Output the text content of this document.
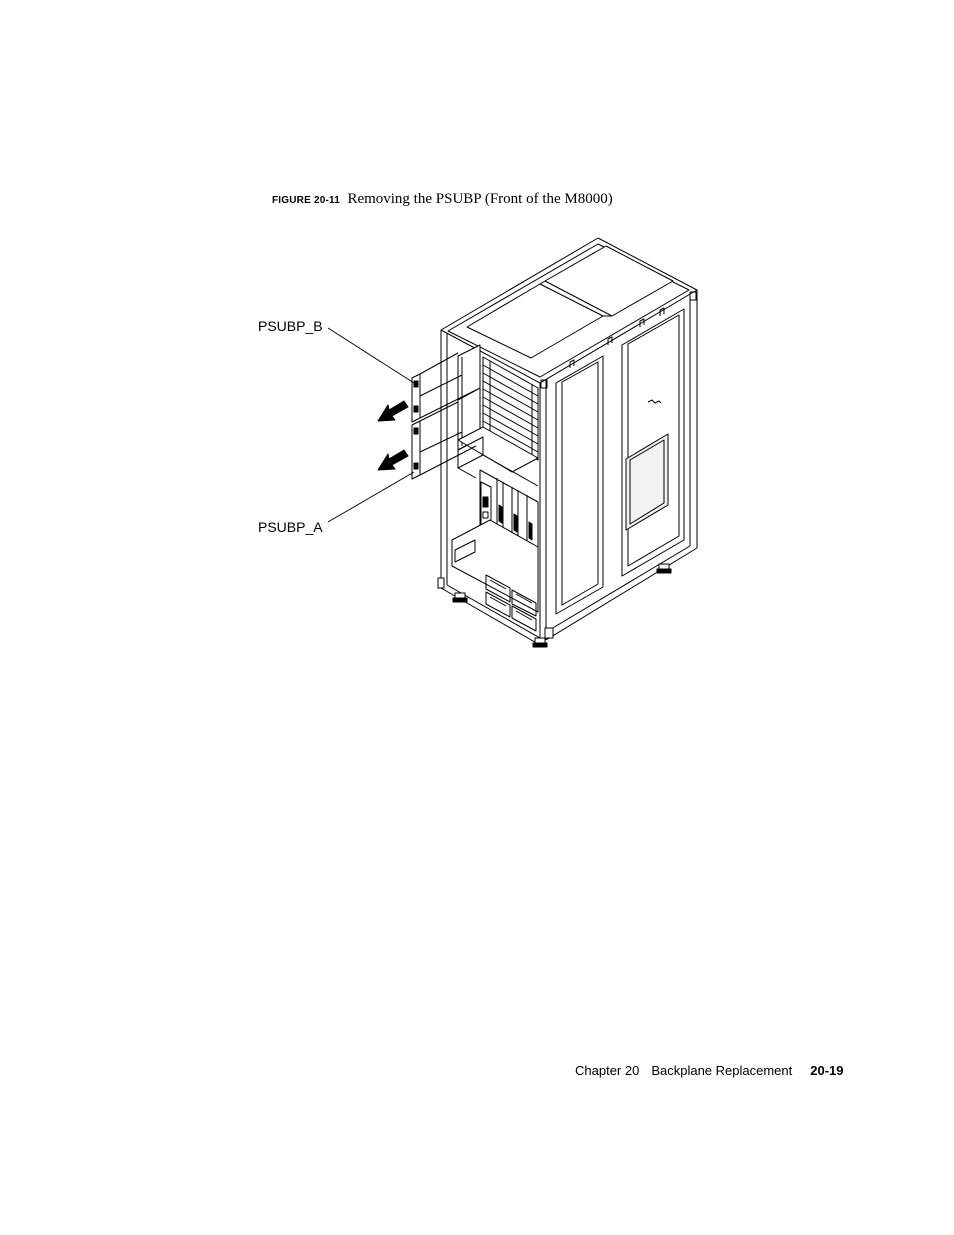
FIGURE 20-11 Removing the PSUBP (Front of the M8000)
PSUBP_B
PSUBP_A
Chapter 20 Backplane Replacement 20-19
